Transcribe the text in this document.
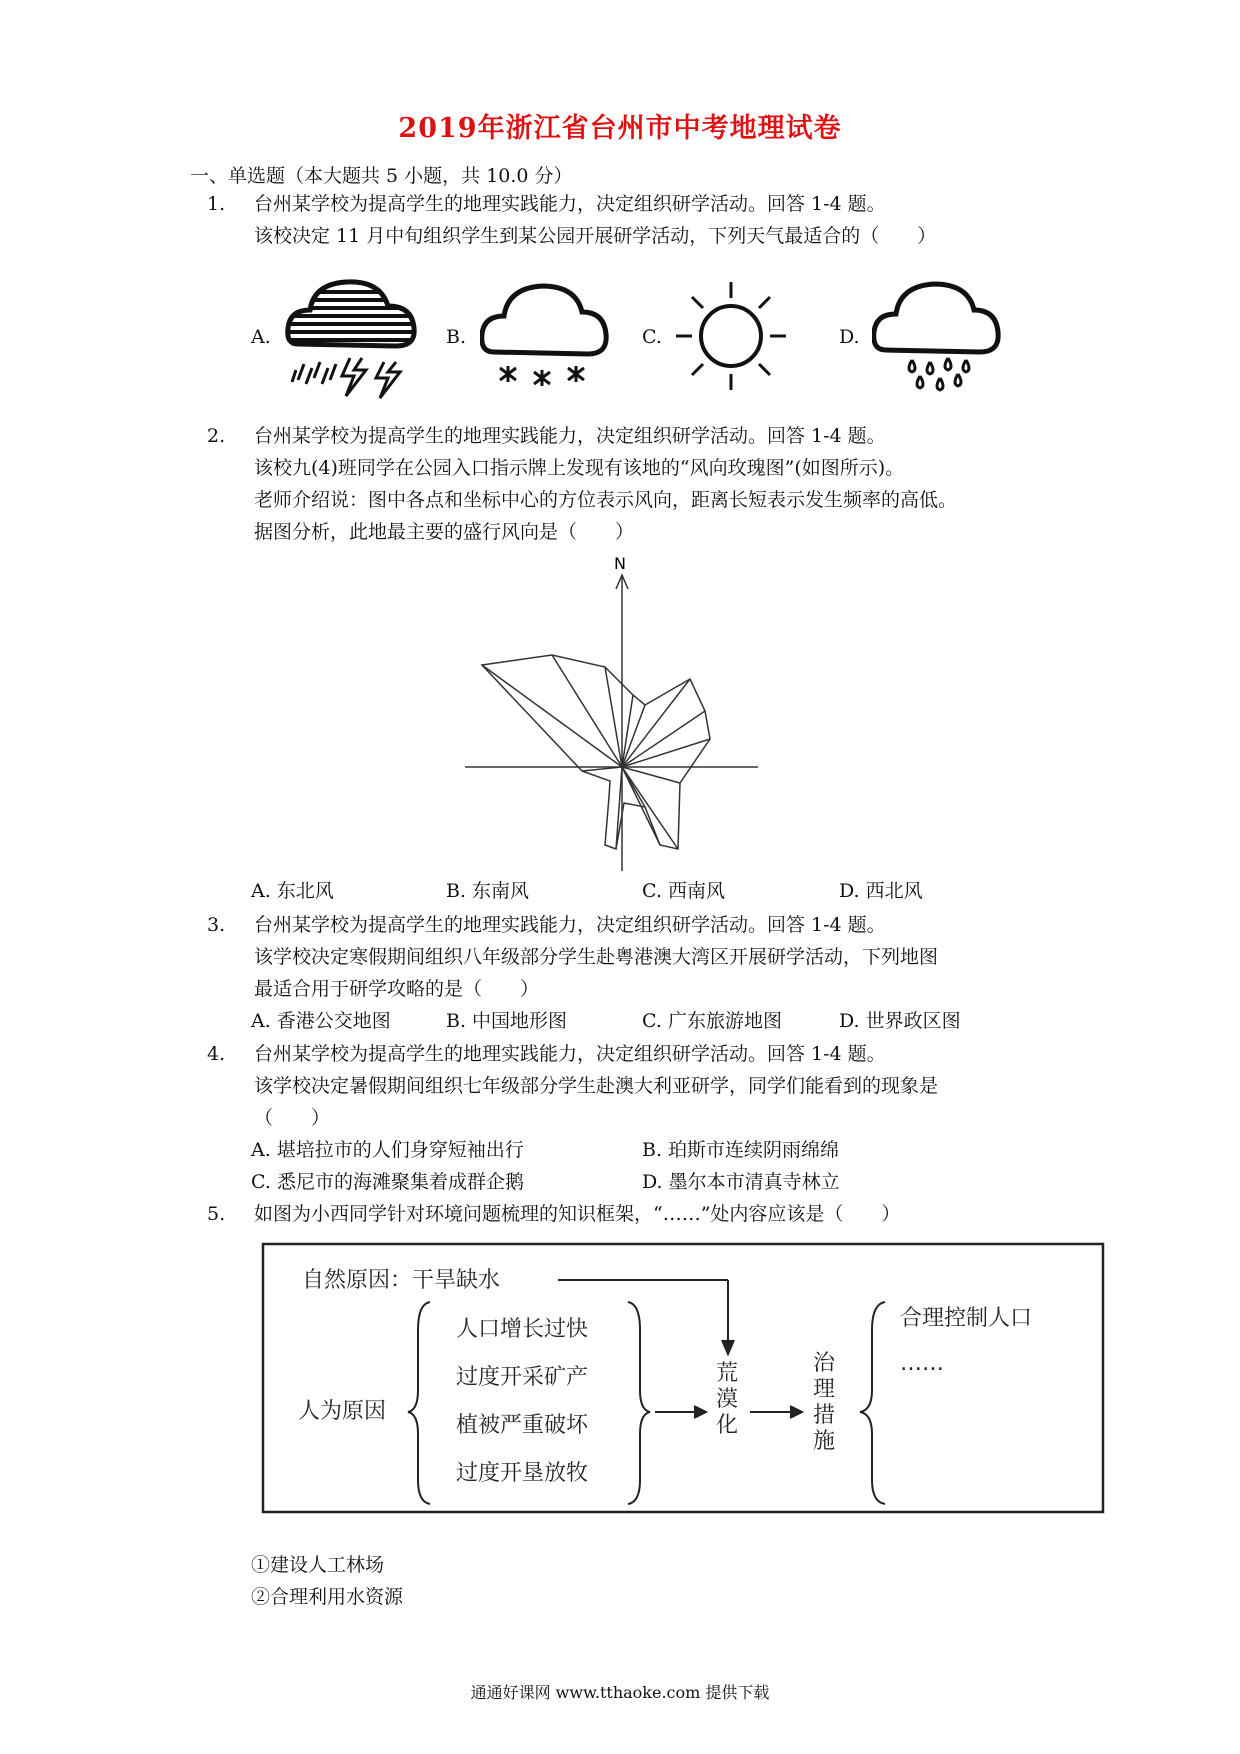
2019年浙江省台州市中考地理试卷
一、单选题（本大题共 5 小题，共 10.0 分）
1. 台州某学校为提高学生的地理实践能力，决定组织研学活动。回答 1-4 题。
该校决定 11 月中旬组织学生到某公园开展研学活动，下列天气最适合的（　　）
A.	B.	C.	D.
2. 台州某学校为提高学生的地理实践能力，决定组织研学活动。回答 1-4 题。
该校九(4)班同学在公园入口指示牌上发现有该地的“风向玫瑰图”(如图所示)。
老师介绍说：图中各点和坐标中心的方位表示风向，距离长短表示发生频率的高低。
据图分析，此地最主要的盛行风向是（　　）
N
A. 东北风	B. 东南风	C. 西南风	D. 西北风
3. 台州某学校为提高学生的地理实践能力，决定组织研学活动。回答 1-4 题。
该学校决定寒假期间组织八年级部分学生赴粤港澳大湾区开展研学活动，下列地图
最适合用于研学攻略的是（　　）
A. 香港公交地图	B. 中国地形图	C. 广东旅游地图	D. 世界政区图
4. 台州某学校为提高学生的地理实践能力，决定组织研学活动。回答 1-4 题。
该学校决定暑假期间组织七年级部分学生赴澳大利亚研学，同学们能看到的现象是
（　　）
A. 堪培拉市的人们身穿短袖出行	B. 珀斯市连续阴雨绵绵
C. 悉尼市的海滩聚集着成群企鹅	D. 墨尔本市清真寺林立
5. 如图为小西同学针对环境问题梳理的知识框架，“……”处内容应该是（　　）
自然原因：干旱缺水
人为原因
人口增长过快
过度开采矿产
植被严重破坏
过度开垦放牧
荒
漠
化
治
理
措
施
合理控制人口
……
①建设人工林场
②合理利用水资源
通通好课网 www.tthaoke.com 提供下载
